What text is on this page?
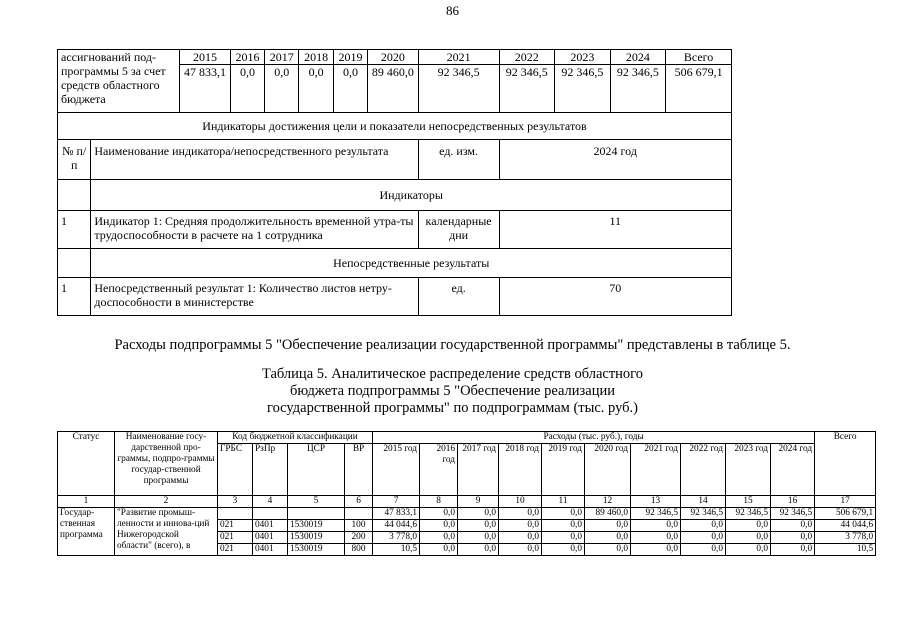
86
ассигнований под-программы 5 за счет средств областного бюджета		2015	2016	2017	2018	2019	2020	2021	2022	2023	2024	Всего
		47 833,1	0,0	0,0	0,0	0,0	89 460,0	92 346,5	92 346,5	92 346,5	92 346,5	506 679,1
Индикаторы достижения цели и показатели непосредственных результатов												
№ п/п	Наименование индикатора/непосредственного результата							ед. изм.	2024 год			
	Индикаторы											
1	Индикатор 1: Средняя продолжительность временной утра-ты трудоспособности в расчете на 1 сотрудника							календарные дни	11			
	Непосредственные результаты											
1	Непосредственный результат 1: Количество листов нетру-доспособности в министерстве							ед.	70			
Расходы подпрограммы 5 "Обеспечение реализации государственной программы" представлены в таблице 5.
Таблица 5. Аналитическое распределение средств областного
бюджета подпрограммы 5 "Обеспечение реализации
государственной программы" по подпрограммам (тыс. руб.)
Статус	Наименование госу-дарственной про-граммы, подпро-граммы государ-ственной программы	Код бюджетной классификации				Расходы (тыс. руб.), годы										Всего
		ГРБС	РзПр	ЦСР	ВР	2015 год	2016 год	2017 год	2018 год	2019 год	2020 год	2021 год	2022 год	2023 год	2024 год	
1	2	3	4	5	6	7	8	9	10	11	12	13	14	15	16	17
Государ-ственная программа	"Развитие промыш-ленности и иннова-ций Нижегородской области" (всего), в					47 833,1	0,0	0,0	0,0	0,0	89 460,0	92 346,5	92 346,5	92 346,5	92 346,5	506 679,1
		021	0401	1530019	100	44 044,6	0,0	0,0	0,0	0,0	0,0	0,0	0,0	0,0	0,0	44 044,6
		021	0401	1530019	200	3 778,0	0,0	0,0	0,0	0,0	0,0	0,0	0,0	0,0	0,0	3 778,0
		021	0401	1530019	800	10,5	0,0	0,0	0,0	0,0	0,0	0,0	0,0	0,0	0,0	10,5
